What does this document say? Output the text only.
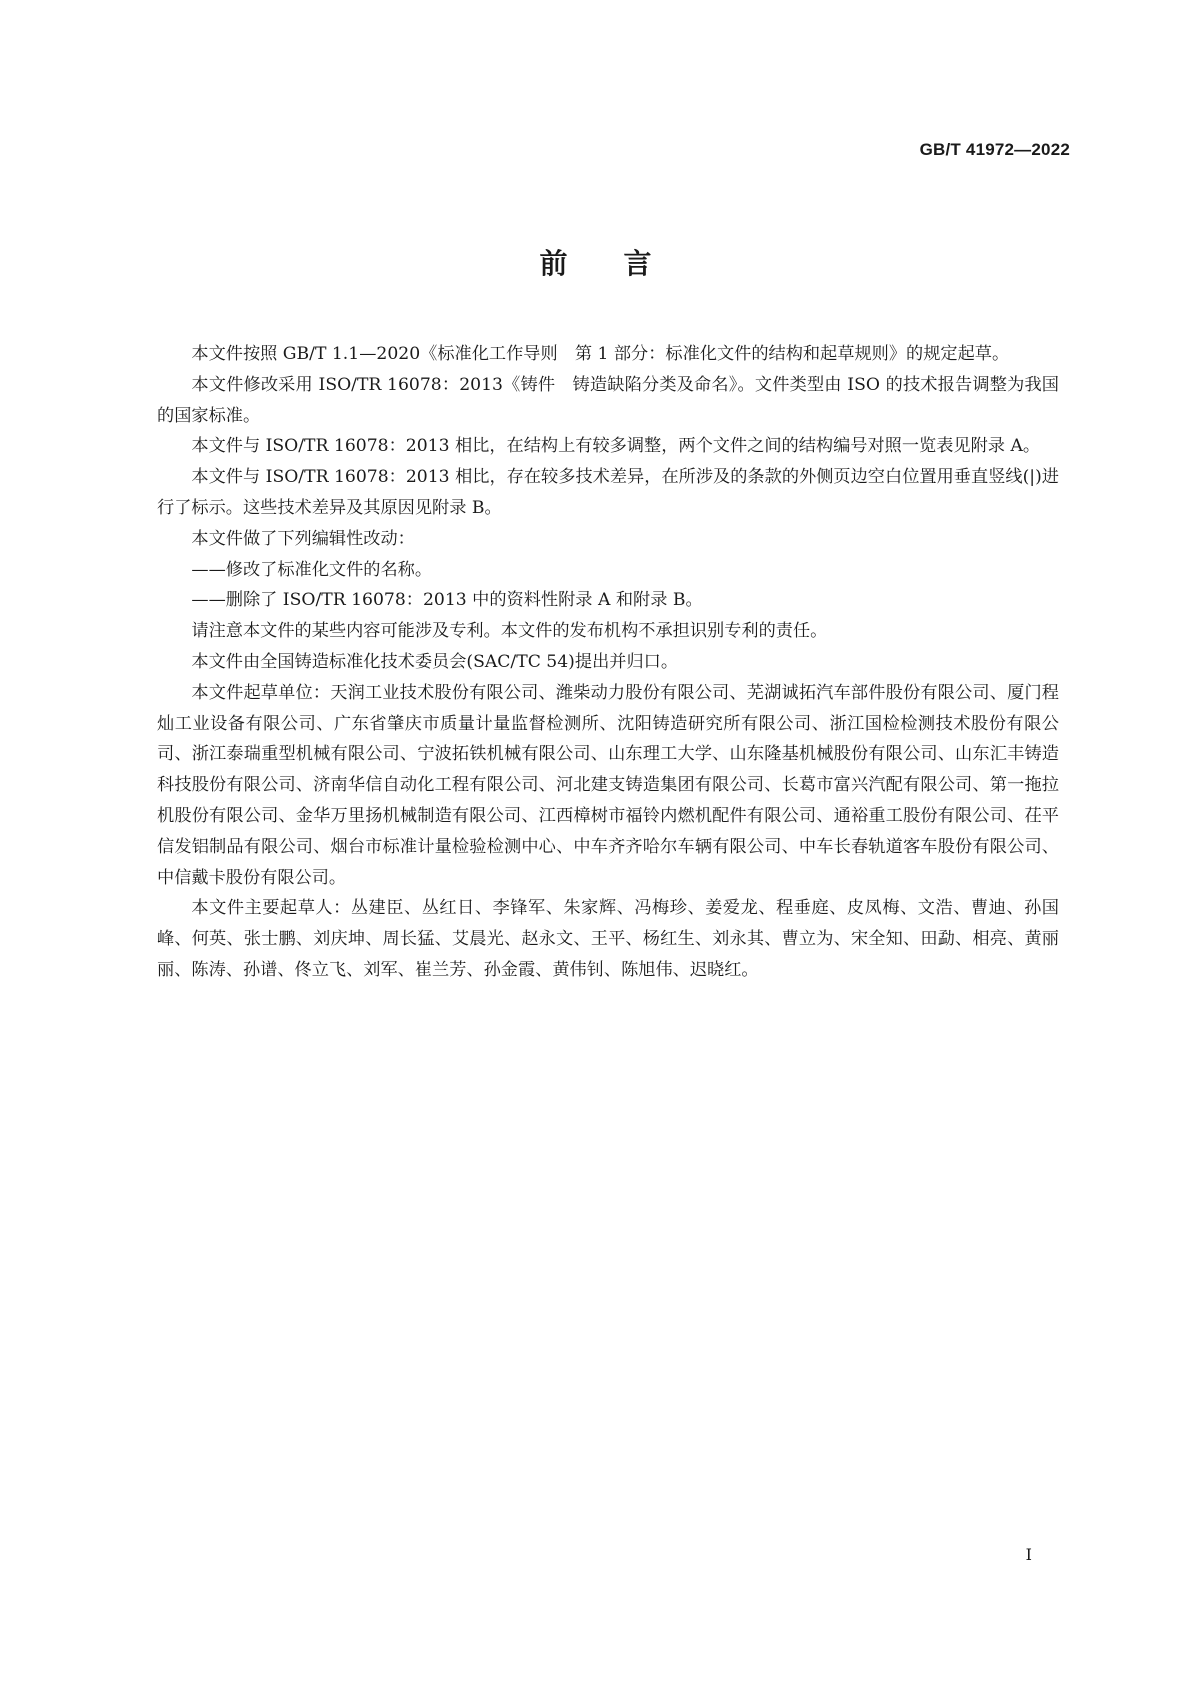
GB/T 41972—2022
前言

本文件按照 GB/T 1.1—2020《标准化工作导则　第 1 部分：标准化文件的结构和起草规则》的规定起草。

本文件修改采用 ISO/TR 16078：2013《铸件　铸造缺陷分类及命名》。文件类型由 ISO 的技术报告调整为我国的国家标准。

本文件与 ISO/TR 16078：2013 相比，在结构上有较多调整，两个文件之间的结构编号对照一览表见附录 A。

本文件与 ISO/TR 16078：2013 相比，存在较多技术差异，在所涉及的条款的外侧页边空白位置用垂直竖线(|)进行了标示。这些技术差异及其原因见附录 B。

本文件做了下列编辑性改动：

——修改了标准化文件的名称。

——删除了 ISO/TR 16078：2013 中的资料性附录 A 和附录 B。

请注意本文件的某些内容可能涉及专利。本文件的发布机构不承担识别专利的责任。

本文件由全国铸造标准化技术委员会(SAC/TC 54)提出并归口。

本文件起草单位：天润工业技术股份有限公司、潍柴动力股份有限公司、芜湖诚拓汽车部件股份有限公司、厦门程灿工业设备有限公司、广东省肇庆市质量计量监督检测所、沈阳铸造研究所有限公司、浙江国检检测技术股份有限公司、浙江泰瑞重型机械有限公司、宁波拓铁机械有限公司、山东理工大学、山东隆基机械股份有限公司、山东汇丰铸造科技股份有限公司、济南华信自动化工程有限公司、河北建支铸造集团有限公司、长葛市富兴汽配有限公司、第一拖拉机股份有限公司、金华万里扬机械制造有限公司、江西樟树市福铃内燃机配件有限公司、通裕重工股份有限公司、茌平信发铝制品有限公司、烟台市标准计量检验检测中心、中车齐齐哈尔车辆有限公司、中车长春轨道客车股份有限公司、中信戴卡股份有限公司。

本文件主要起草人：丛建臣、丛红日、李锋军、朱家辉、冯梅珍、姜爱龙、程垂庭、皮凤梅、文浩、曹迪、孙国峰、何英、张士鹏、刘庆坤、周长猛、艾晨光、赵永文、王平、杨红生、刘永其、曹立为、宋全知、田勐、相亮、黄丽丽、陈涛、孙谱、佟立飞、刘军、崔兰芳、孙金霞、黄伟钊、陈旭伟、迟晓红。

I
